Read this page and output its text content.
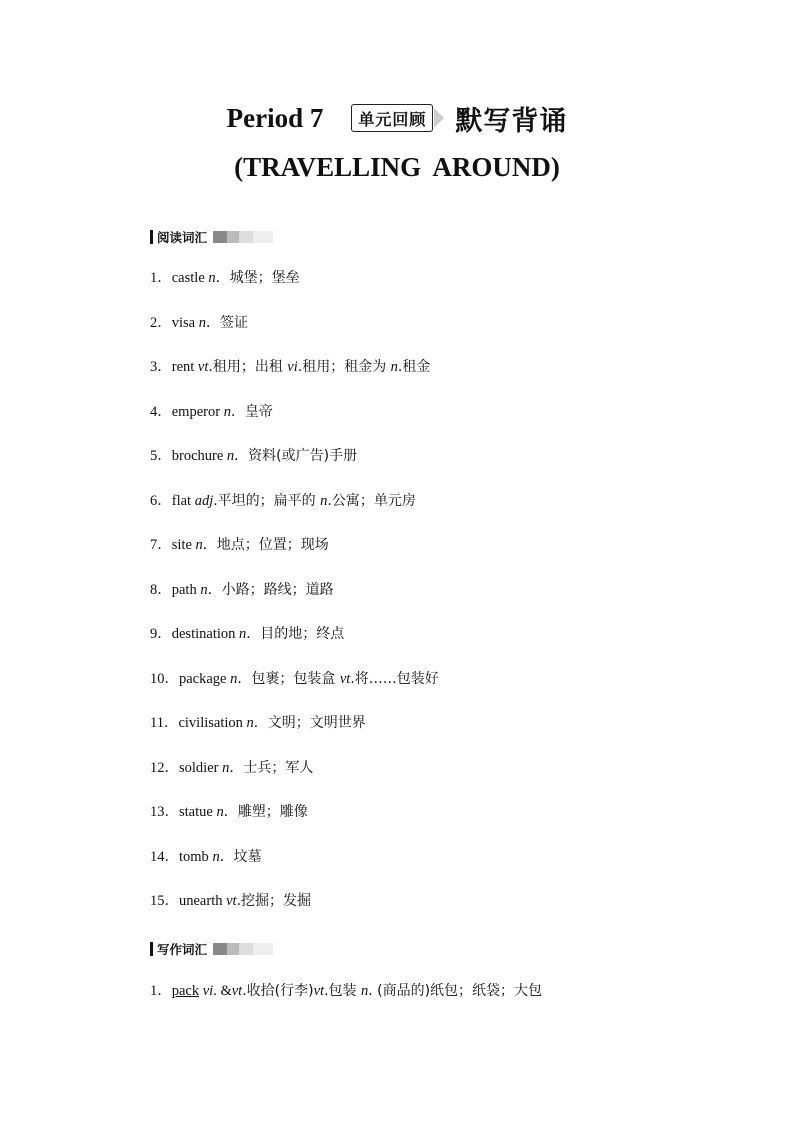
Period 7	单元回顾 默写背诵
(TRAVELLING AROUND)
阅读词汇
1．castle n．城堡；堡垒
2．visa n．签证
3．rent vt.租用；出租 vi.租用；租金为 n.租金
4．emperor n．皇帝
5．brochure n．资料(或广告)手册
6．flat adj.平坦的；扁平的 n.公寓；单元房
7．site n．地点；位置；现场
8．path n．小路；路线；道路
9．destination n．目的地；终点
10．package n．包裹；包装盒 vt.将……包装好
11．civilisation n．文明；文明世界
12．soldier n．士兵；军人
13．statue n．雕塑；雕像
14．tomb n．坟墓
15．unearth vt.挖掘；发掘
写作词汇
1．pack vi. &vt.收拾(行李)vt.包装 n. (商品的)纸包；纸袋；大包
